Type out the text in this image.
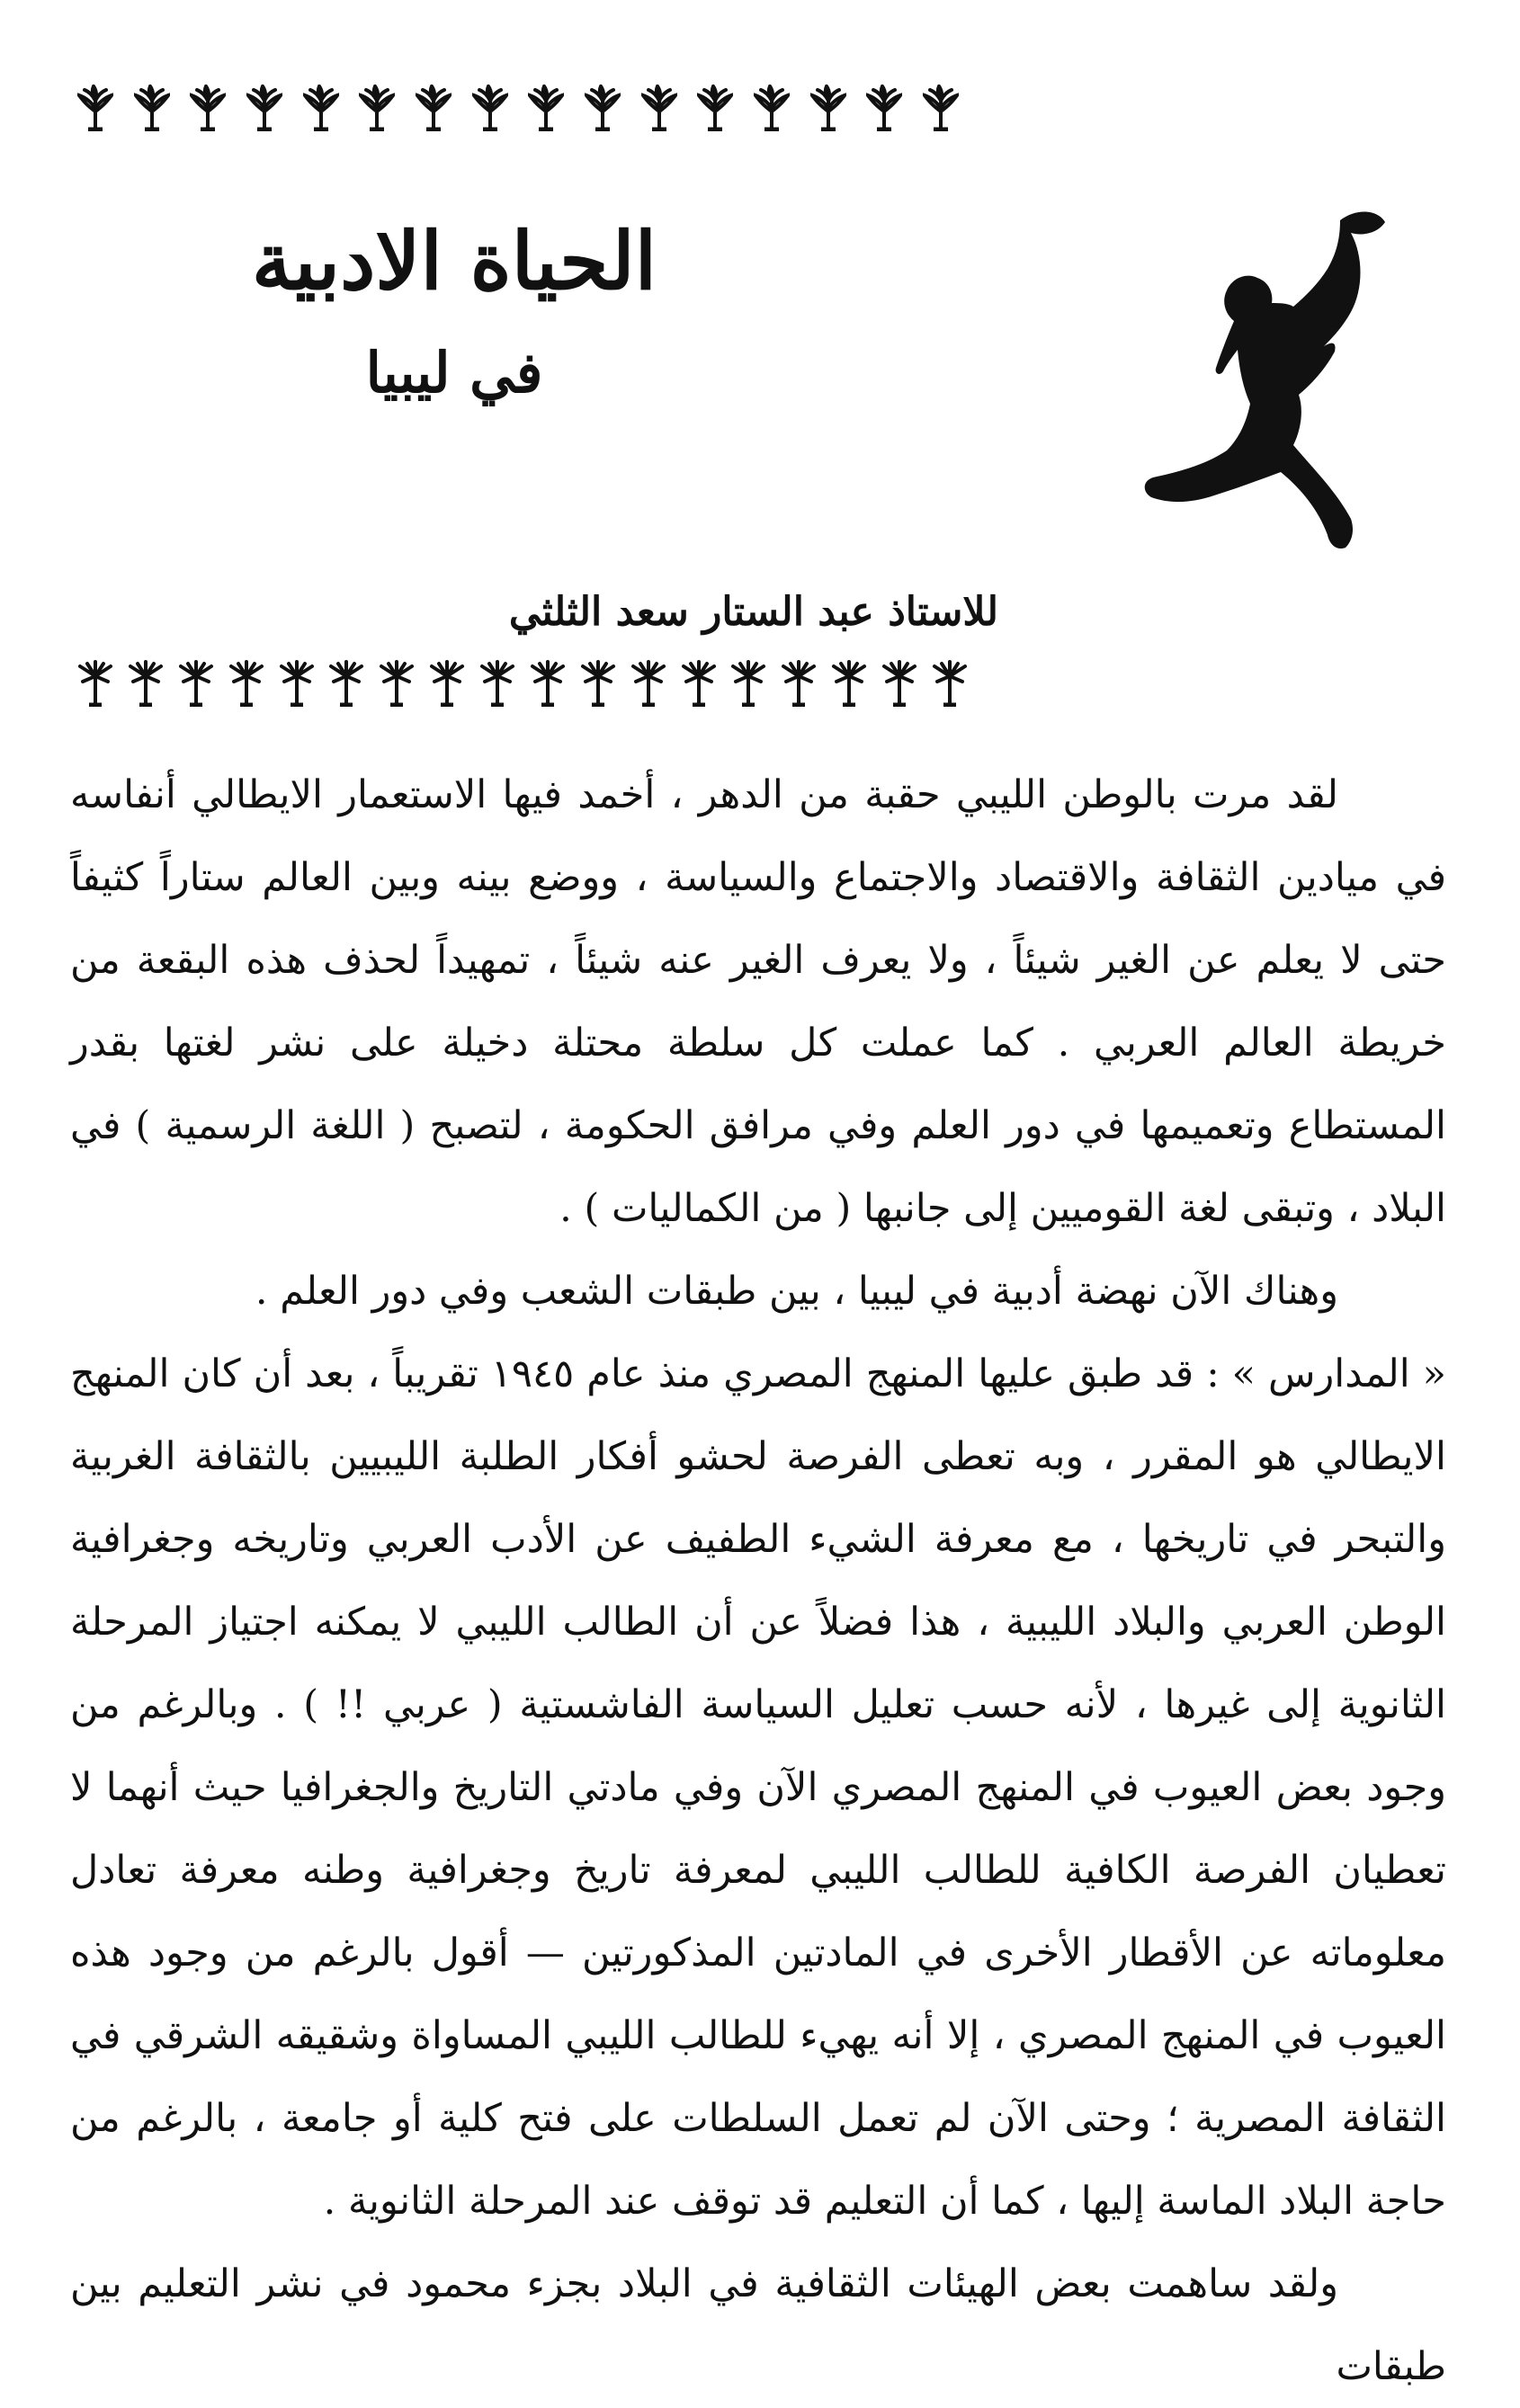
الحياة الادبية
في ليبيا
للاستاذ عبد الستار سعد الثلثي

لقد مرت بالوطن الليبي حقبة من الدهر ، أخمد فيها الاستعمار الايطالي أنفاسه في ميادين الثقافة والاقتصاد والاجتماع والسياسة ، ووضع بينه وبين العالم ستاراً كثيفاً حتى لا يعلم عن الغير شيئاً ، ولا يعرف الغير عنه شيئاً ، تمهيداً لحذف هذه البقعة من خريطة العالم العربي . كما عملت كل سلطة محتلة دخيلة على نشر لغتها بقدر المستطاع وتعميمها في دور العلم وفي مرافق الحكومة ، لتصبح ( اللغة الرسمية ) في البلاد ، وتبقى لغة القوميين إلى جانبها ( من الكماليات ) .

وهناك الآن نهضة أدبية في ليبيا ، بين طبقات الشعب وفي دور العلم .

« المدارس » : قد طبق عليها المنهج المصري منذ عام ١٩٤٥ تقريباً ، بعد أن كان المنهج الايطالي هو المقرر ، وبه تعطى الفرصة لحشو أفكار الطلبة الليبيين بالثقافة الغربية والتبحر في تاريخها ، مع معرفة الشيء الطفيف عن الأدب العربي وتاريخه وجغرافية الوطن العربي والبلاد الليبية ، هذا فضلاً عن أن الطالب الليبي لا يمكنه اجتياز المرحلة الثانوية إلى غيرها ، لأنه حسب تعليل السياسة الفاشستية ( عربي !! ) . وبالرغم من وجود بعض العيوب في المنهج المصري الآن وفي مادتي التاريخ والجغرافيا حيث أنهما لا تعطيان الفرصة الكافية للطالب الليبي لمعرفة تاريخ وجغرافية وطنه معرفة تعادل معلوماته عن الأقطار الأخرى في المادتين المذكورتين — أقول بالرغم من وجود هذه العيوب في المنهج المصري ، إلا أنه يهيء للطالب الليبي المساواة وشقيقه الشرقي في الثقافة المصرية ؛ وحتى الآن لم تعمل السلطات على فتح كلية أو جامعة ، بالرغم من حاجة البلاد الماسة إليها ، كما أن التعليم قد توقف عند المرحلة الثانوية .

ولقد ساهمت بعض الهيئات الثقافية في البلاد بجزء محمود في نشر التعليم بين طبقات
